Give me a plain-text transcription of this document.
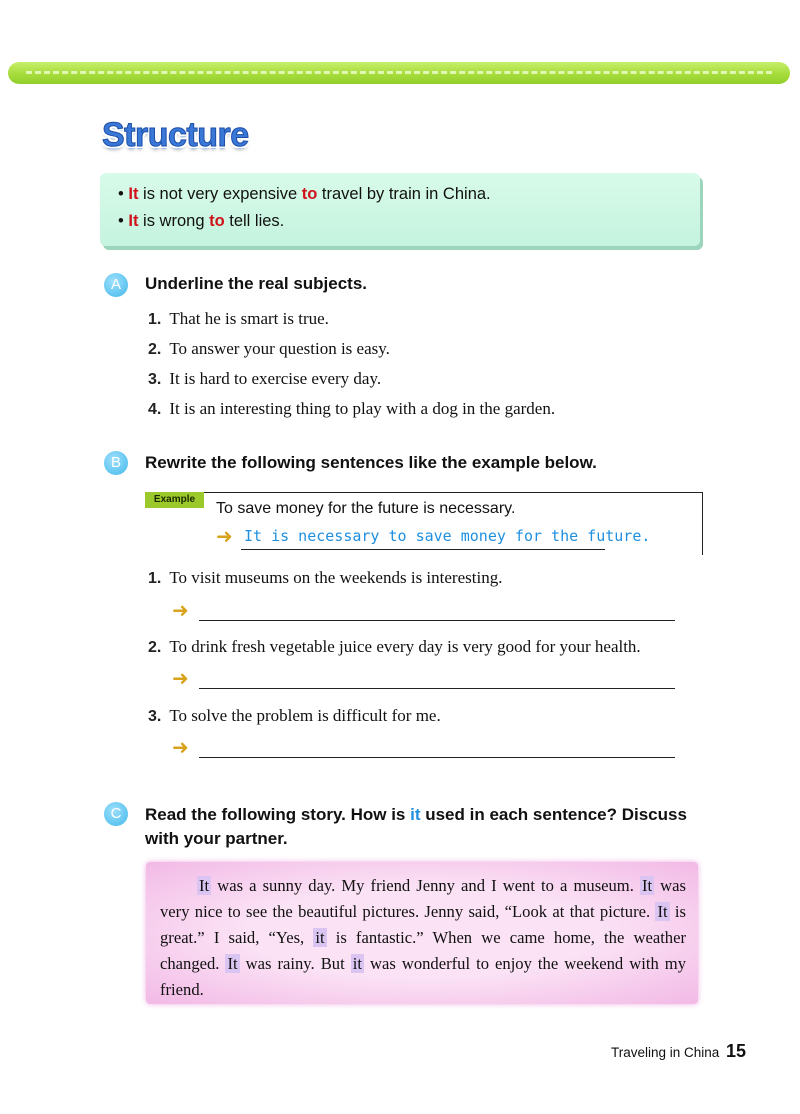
Structure
• It is not very expensive to travel by train in China.
• It is wrong to tell lies.
A	Underline the real subjects.
1. That he is smart is true.
2. To answer your question is easy.
3. It is hard to exercise every day.
4. It is an interesting thing to play with a dog in the garden.
B	Rewrite the following sentences like the example below.
Example
To save money for the future is necessary.
➜ It is necessary to save money for the future.
1. To visit museums on the weekends is interesting.
➜
2. To drink fresh vegetable juice every day is very good for your health.
➜
3. To solve the problem is difficult for me.
➜
C	Read the following story. How is it used in each sentence? Discuss
with your partner.

It was a sunny day. My friend Jenny and I went to a museum. It was very nice to see the beautiful pictures. Jenny said, “Look at that picture. It is great.” I said, “Yes, it is fantastic.” When we came home, the weather changed. It was rainy. But it was wonderful to enjoy the weekend with my friend.

Traveling in China 15
